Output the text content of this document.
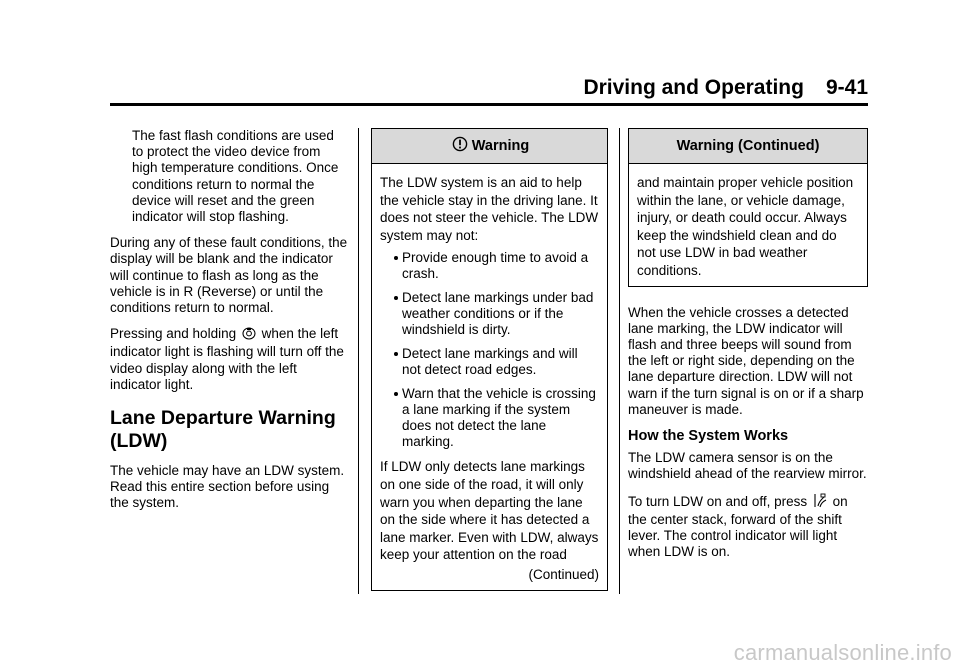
Driving and Operating 9-41

The fast flash conditions are used to protect the video device from high temperature conditions. Once conditions return to normal the device will reset and the green indicator will stop flashing.

During any of these fault conditions, the display will be blank and the indicator will continue to flash as long as the vehicle is in R (Reverse) or until the conditions return to normal.

Pressing and holding when the left indicator light is flashing will turn off the video display along with the left indicator light.

Lane Departure Warning (LDW)

The vehicle may have an LDW system. Read this entire section before using the system.

Warning
The LDW system is an aid to help the vehicle stay in the driving lane. It does not steer the vehicle. The LDW system may not:
Provide enough time to avoid a crash.
Detect lane markings under bad weather conditions or if the windshield is dirty.
Detect lane markings and will not detect road edges.
Warn that the vehicle is crossing a lane marking if the system does not detect the lane marking.
If LDW only detects lane markings on one side of the road, it will only warn you when departing the lane on the side where it has detected a lane marker. Even with LDW, always keep your attention on the road
(Continued)
Warning (Continued)
and maintain proper vehicle position within the lane, or vehicle damage, injury, or death could occur. Always keep the windshield clean and do not use LDW in bad weather conditions.

When the vehicle crosses a detected lane marking, the LDW indicator will flash and three beeps will sound from the left or right side, depending on the lane departure direction. LDW will not warn if the turn signal is on or if a sharp maneuver is made.

How the System Works

The LDW camera sensor is on the windshield ahead of the rearview mirror.

To turn LDW on and off, press on the center stack, forward of the shift lever. The control indicator will light when LDW is on.

carmanualsonline.info
